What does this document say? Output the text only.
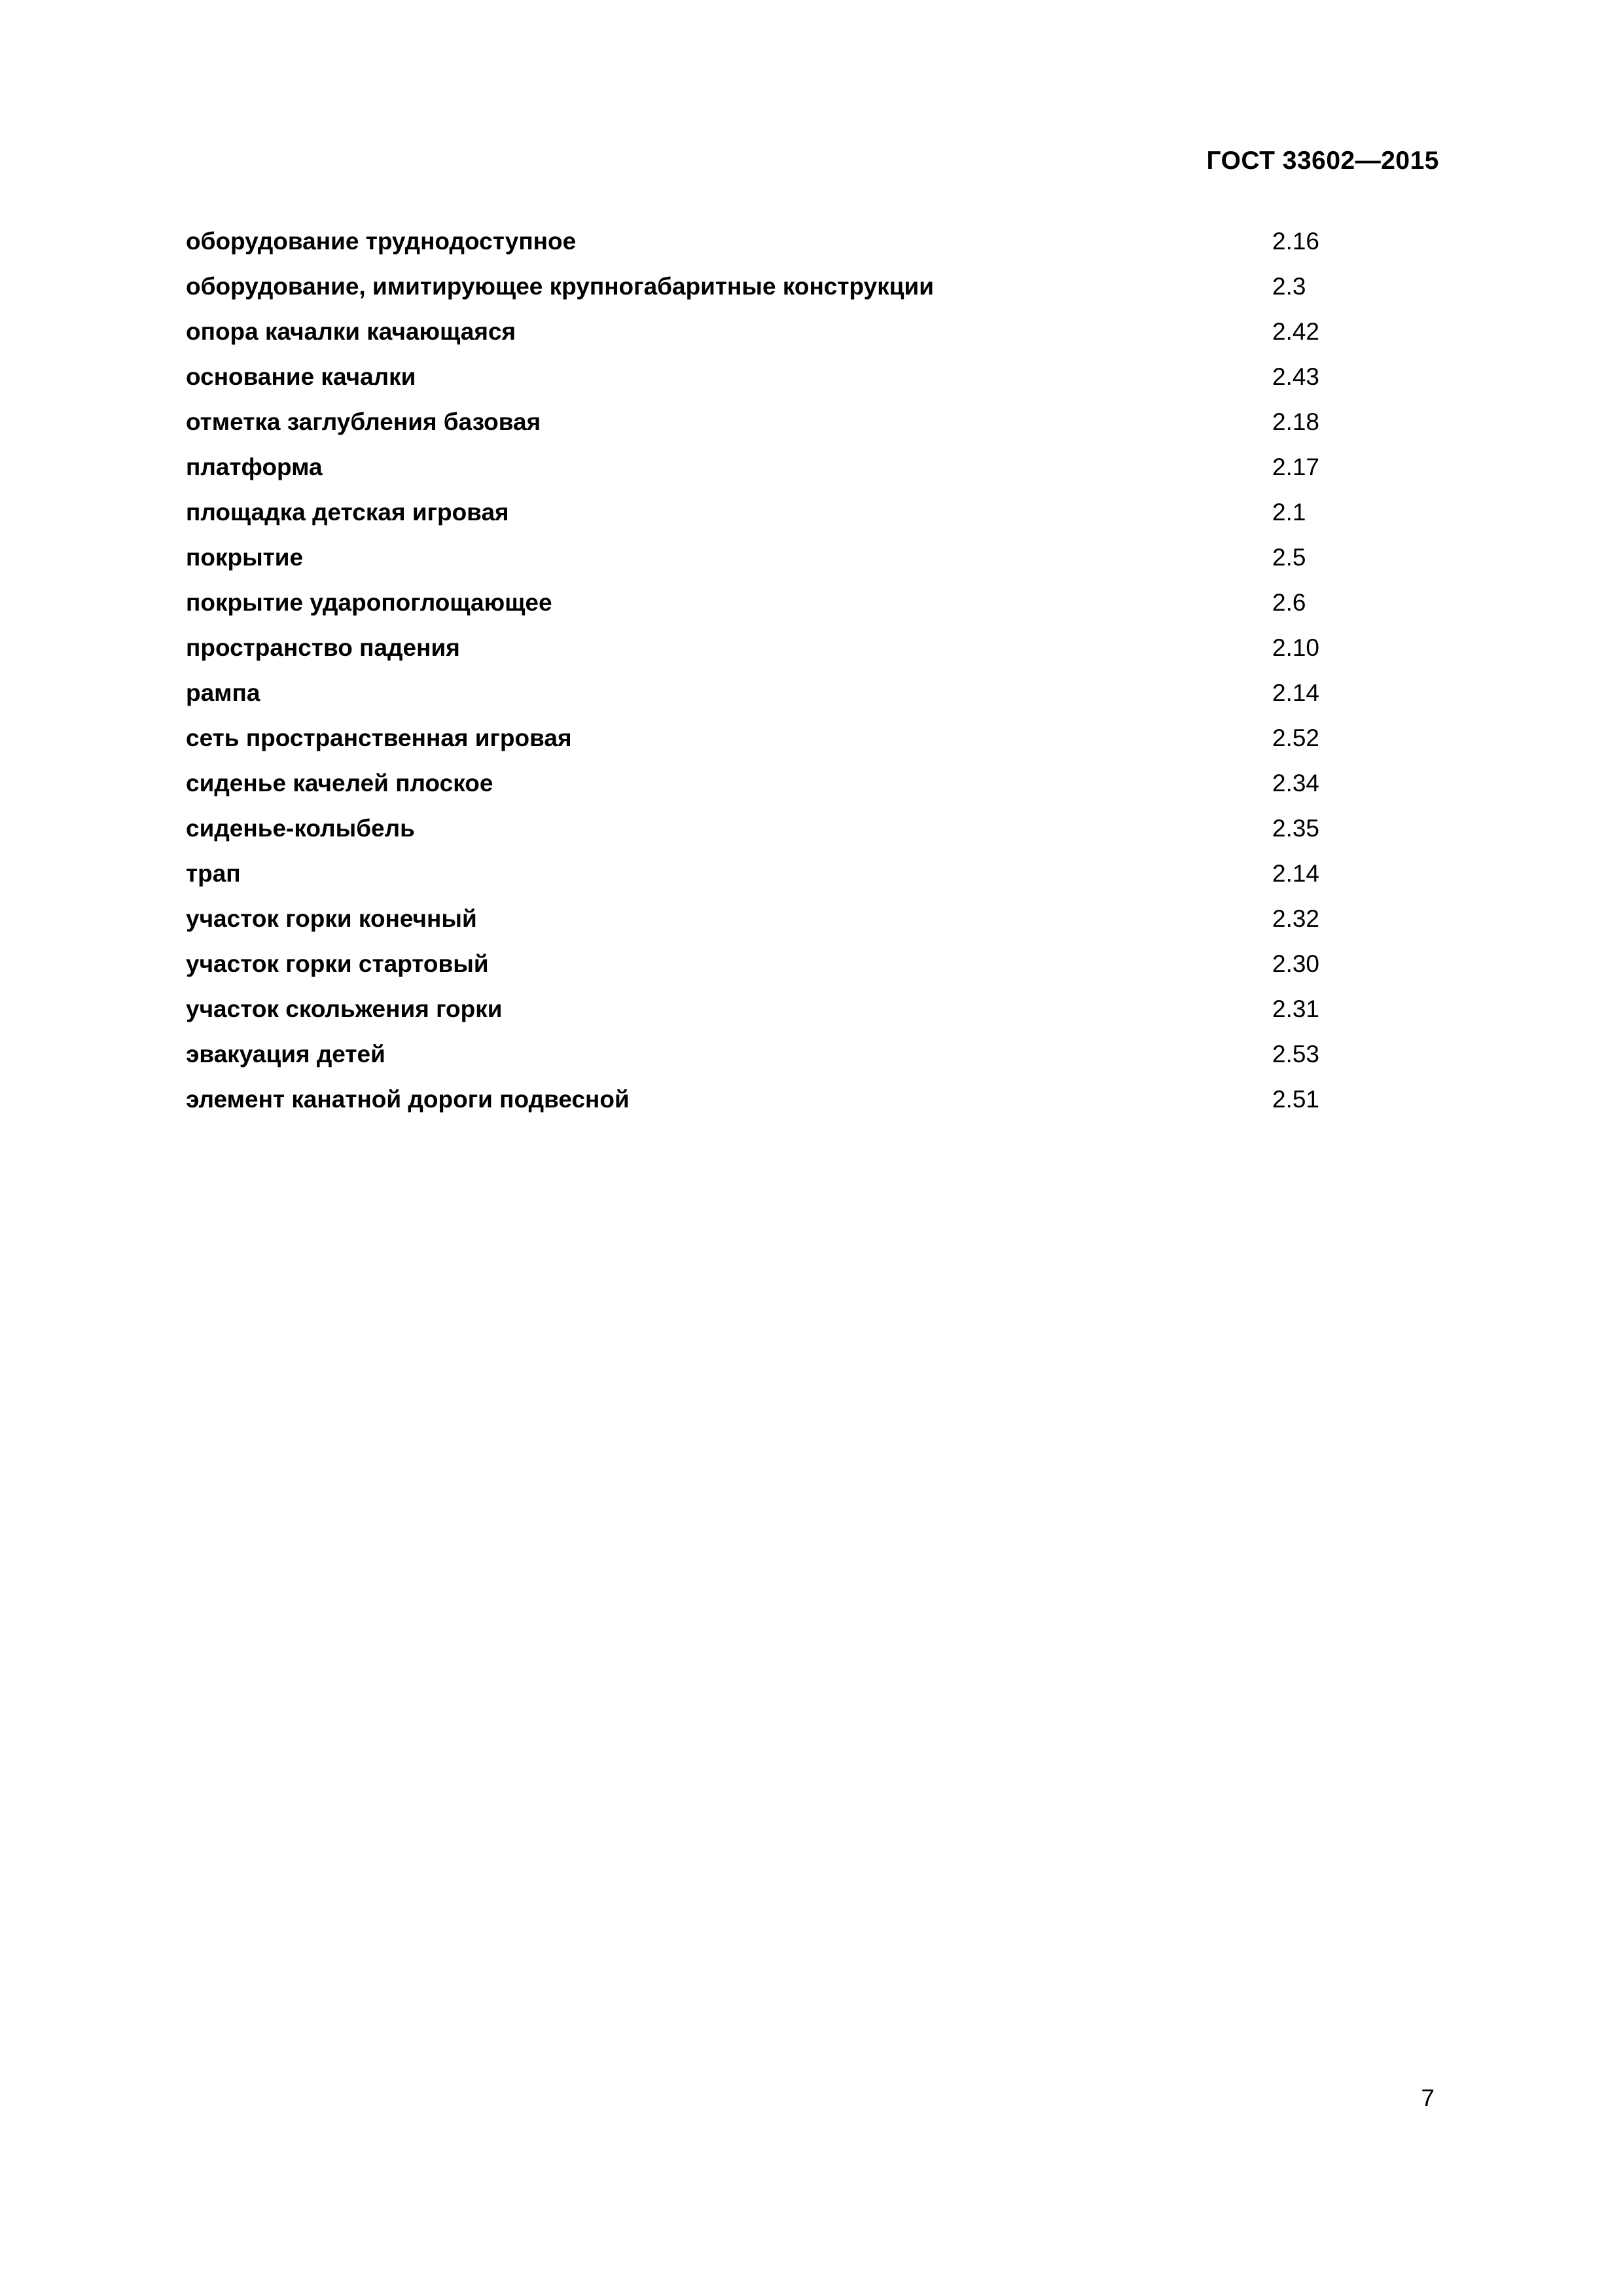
ГОСТ 33602—2015
оборудование труднодоступное	2.16
оборудование, имитирующее крупногабаритные конструкции	2.3
опора качалки качающаяся	2.42
основание качалки	2.43
отметка заглубления базовая	2.18
платформа	2.17
площадка детская игровая	2.1
покрытие	2.5
покрытие ударопоглощающее	2.6
пространство падения	2.10
рампа	2.14
сеть пространственная игровая	2.52
сиденье качелей плоское	2.34
сиденье-колыбель	2.35
трап	2.14
участок горки конечный	2.32
участок горки стартовый	2.30
участок скольжения горки	2.31
эвакуация детей	2.53
элемент канатной дороги подвесной	2.51
7
